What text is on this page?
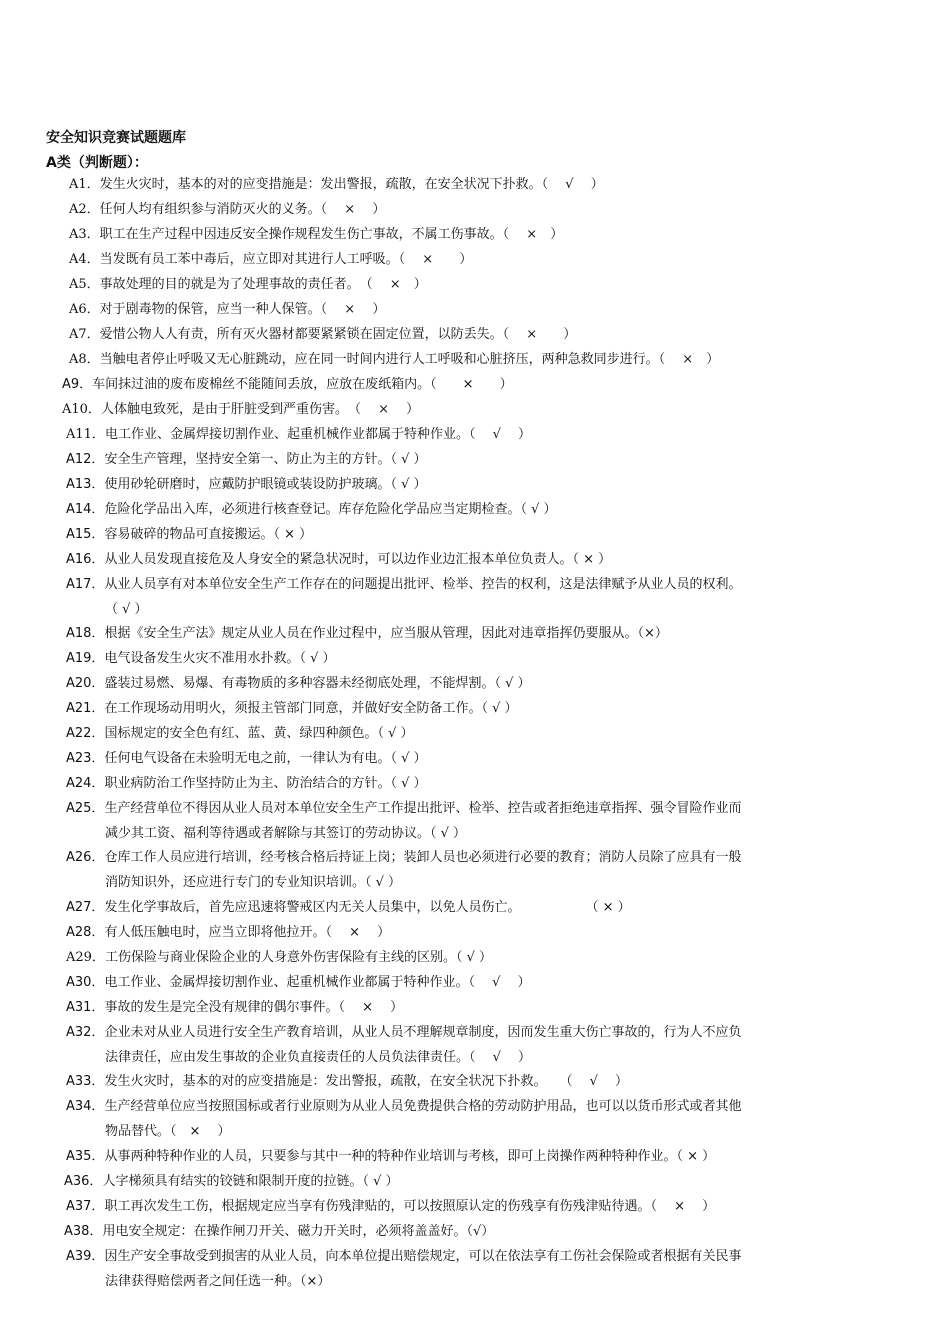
安全知识竞赛试题题库
A类（判断题）：
A1．发生火灾时，基本的对的应变措施是：发出警报，疏散，在安全状况下扑救。（　 √　 ）
A2．任何人均有组织参与消防灭火的义务。（　 ×　 ）
A3．职工在生产过程中因违反安全操作规程发生伤亡事故，不属工伤事故。（　 ×　）
A4．当发既有员工苯中毒后，应立即对其进行人工呼吸。（　 ×　　）
A5．事故处理的目的就是为了处理事故的责任者。　（　 ×　）
A6．对于剧毒物的保管，应当一种人保管。（　 ×　 ）
A7．爱惜公物人人有责，所有灭火器材都要紧紧锁在固定位置，以防丢失。（　 ×　　）
A8．当触电者停止呼吸又无心脏跳动，应在同一时间内进行人工呼吸和心脏挤压，两种急救同步进行。（　 ×　）
A9．车间抹过油的废布废棉丝不能随间丢放，应放在废纸箱内。（　　×　　）
A10．人体触电致死，是由于肝脏受到严重伤害。　（　 ×　 ）
A11．电工作业、金属焊接切割作业、起重机械作业都属于特种作业。（　 √　 ）
A12．安全生产管理，坚持安全第一、防止为主的方针。（ √ ）
A13．使用砂轮研磨时，应戴防护眼镜或装设防护玻璃。（ √ ）
A14．危险化学品出入库，必须进行核查登记。库存危险化学品应当定期检查。（ √ ）
A15．容易破碎的物品可直接搬运。（ × ）
A16．从业人员发现直接危及人身安全的紧急状况时，可以边作业边汇报本单位负责人。（ × ）
A17．从业人员享有对本单位安全生产工作存在的问题提出批评、检举、控告的权利，这是法律赋予从业人员的权利。
（ √ ）
A18．根据《安全生产法》规定从业人员在作业过程中，应当服从管理，因此对违章指挥仍要服从。（×）
A19．电气设备发生火灾不准用水扑救。（ √ ）
A20．盛装过易燃、易爆、有毒物质的多种容器未经彻底处理，不能焊割。（ √ ）
A21．在工作现场动用明火，须报主管部门同意，并做好安全防备工作。（ √ ）
A22．国标规定的安全色有红、蓝、黄、绿四种颜色。（ √ ）
A23．任何电气设备在未验明无电之前，一律认为有电。（ √ ）
A24．职业病防治工作坚持防止为主、防治结合的方针。（ √ ）
A25．生产经营单位不得因从业人员对本单位安全生产工作提出批评、检举、控告或者拒绝违章指挥、强令冒险作业而
减少其工资、福利等待遇或者解除与其签订的劳动协议。（ √ ）
A26．仓库工作人员应进行培训，经考核合格后持证上岗；装卸人员也必须进行必要的教育；消防人员除了应具有一般
消防知识外，还应进行专门的专业知识培训。（ √ ）
A27．发生化学事故后，首先应迅速将警戒区内无关人员集中，以免人员伤亡。　　　　　　（ × ）
A28．有人低压触电时，应当立即将他拉开。（　 ×　 ）
A29．工伤保险与商业保险企业的人身意外伤害保险有主线的区别。（ √ ）
A30．电工作业、金属焊接切割作业、起重机械作业都属于特种作业。（　 √　 ）
A31．事故的发生是完全没有规律的偶尔事件。（　 ×　 ）
A32．企业未对从业人员进行安全生产教育培训，从业人员不理解规章制度，因而发生重大伤亡事故的，行为人不应负
法律责任，应由发生事故的企业负直接责任的人员负法律责任。（　 √　 ）
A33．发生火灾时，基本的对的应变措施是：发出警报，疏散，在安全状况下扑救。　　（　 √　 ）
A34．生产经营单位应当按照国标或者行业原则为从业人员免费提供合格的劳动防护用品，也可以以货币形式或者其他
物品替代。（　×　 ）
A35．从事两种特种作业的人员，只要参与其中一种的特种作业培训与考核，即可上岗操作两种特种作业。（ × ）
A36．人字梯须具有结实的铰链和限制开度的拉链。（ √ ）
A37．职工再次发生工伤，根据规定应当享有伤残津贴的，可以按照原认定的伤残享有伤残津贴待遇。（　 ×　 ）
A38．用电安全规定：在操作闸刀开关、磁力开关时，必须将盖盖好。（√）
A39．因生产安全事故受到损害的从业人员，向本单位提出赔偿规定，可以在依法享有工伤社会保险或者根据有关民事
法律获得赔偿两者之间任选一种。（×）
